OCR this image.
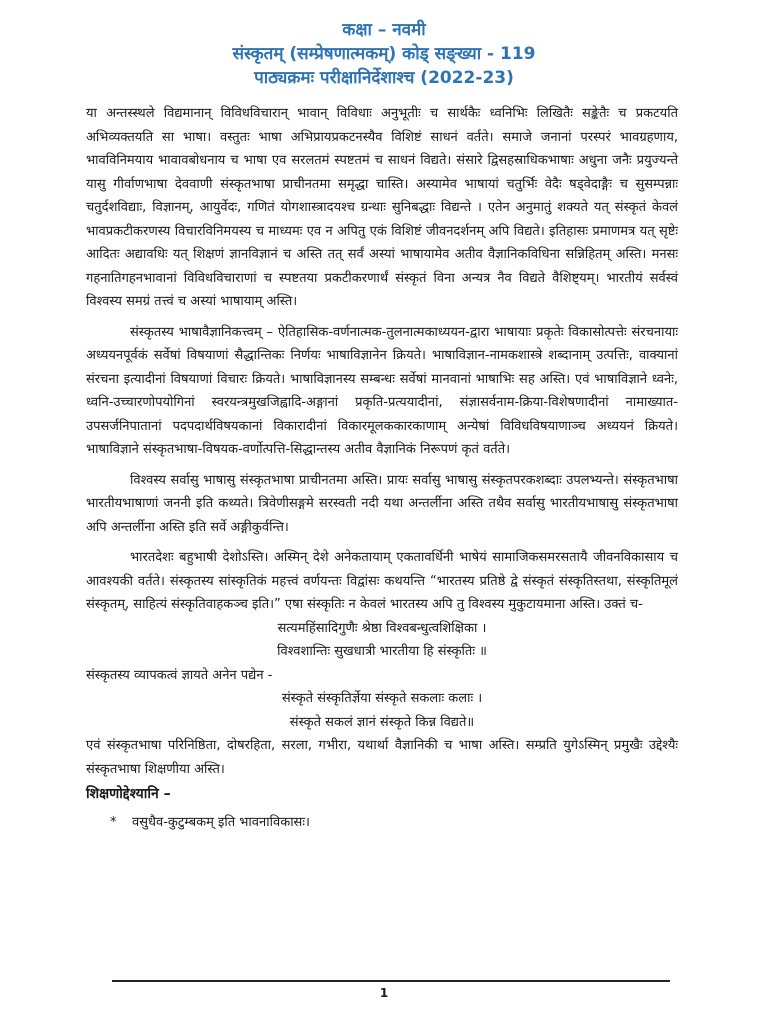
कक्षा – नवमी

संस्कृतम् (सम्प्रेषणात्मकम्) कोड् सङ्ख्या - 119

पाठ्यक्रमः परीक्षानिर्देशाश्च (2022-23)

या अन्तस्स्थले विद्यमानान् विविधविचारान् भावान् विविधाः अनुभूतीः च सार्थकैः ध्वनिभिः लिखितैः सङ्केतैः च प्रकटयति अभिव्यक्तयति सा भाषा। वस्तुतः भाषा अभिप्रायप्रकटनस्यैव विशिष्टं साधनं वर्तते। समाजे जनानां परस्परं भावग्रहणाय, भावविनिमयाय भावावबोधनाय च भाषा एव सरलतमं स्पष्टतमं च साधनं विद्यते। संसारे द्विसहस्राधिकभाषाः अधुना जनैः प्रयुज्यन्ते यासु गीर्वाणभाषा देववाणी संस्कृतभाषा प्राचीनतमा समृद्धा चास्ति। अस्यामेव भाषायां चतुर्भिः वेदैः षड्वेदाङ्गैः च सुसम्पन्नाः चतुर्दशविद्याः, विज्ञानम्, आयुर्वेदः, गणितं योगशास्त्रादयश्च ग्रन्थाः सुनिबद्धाः विद्यन्ते । एतेन अनुमातुं शक्यते यत् संस्कृतं केवलं भावप्रकटीकरणस्य विचारविनिमयस्य च माध्यमः एव न अपितु एकं विशिष्टं जीवनदर्शनम् अपि विद्यते। इतिहासः प्रमाणमत्र यत् सृष्टेः आदितः अद्यावधिः यत् शिक्षणं ज्ञानविज्ञानं च अस्ति तत् सर्वं अस्यां भाषायामेव अतीव वैज्ञानिकविधिना सन्निहितम् अस्ति। मनसः गहनातिगहनभावानां विविधविचाराणां च स्पष्टतया प्रकटीकरणार्थं संस्कृतं विना अन्यत्र नैव विद्यते वैशिष्ट्यम्। भारतीयं सर्वस्वं विश्वस्य समग्रं तत्त्वं च अस्यां भाषायाम् अस्ति।

संस्कृतस्य भाषावैज्ञानिकत्त्वम् – ऐतिहासिक-वर्णनात्मक-तुलनात्मकाध्ययन-द्वारा भाषायाः प्रकृतेः विकासोत्पत्तेः संरचनायाः अध्ययनपूर्वकं सर्वेषां विषयाणां सैद्धान्तिकः निर्णयः भाषाविज्ञानेन क्रियते। भाषाविज्ञान-नामकशास्त्रे शब्दानाम् उत्पत्तिः, वाक्यानां संरचना इत्यादीनां विषयाणां विचारः क्रियते। भाषाविज्ञानस्य सम्बन्धः सर्वेषां मानवानां भाषाभिः सह अस्ति। एवं भाषाविज्ञाने ध्वनेः, ध्वनि-उच्चारणोपयोगिनां स्वरयन्त्रमुखजिह्वादि-अङ्गानां प्रकृति-प्रत्ययादीनां, संज्ञासर्वनाम-क्रिया-विशेषणादीनां नामाख्यात-उपसर्जनिपातानां पदपदार्थविषयकानां विकारादीनां विकारमूलककारकाणाम् अन्येषां विविधविषयाणाञ्च अध्ययनं क्रियते। भाषाविज्ञाने संस्कृतभाषा-विषयक-वर्णोत्पत्ति-सिद्धान्तस्य अतीव वैज्ञानिकं निरूपणं कृतं वर्तते।

विश्वस्य सर्वासु भाषासु संस्कृतभाषा प्राचीनतमा अस्ति। प्रायः सर्वासु भाषासु संस्कृतपरकशब्दाः उपलभ्यन्ते। संस्कृतभाषा भारतीयभाषाणां जननी इति कथ्यते। त्रिवेणीसङ्गमे सरस्वती नदी यथा अन्तर्लीना अस्ति तथैव सर्वासु भारतीयभाषासु संस्कृतभाषा अपि अन्तर्लीना अस्ति इति सर्वे अङ्गीकुर्वन्ति।

भारतदेशः बहुभाषी देशोऽस्ति। अस्मिन् देशे अनेकतायाम् एकतावर्धिनी भाषेयं सामाजिकसमरसतायै जीवनविकासाय च आवश्यकी वर्तते। संस्कृतस्य सांस्कृतिकं महत्त्वं वर्णयन्तः विद्वांसः कथयन्ति “भारतस्य प्रतिष्ठे द्वे संस्कृतं संस्कृतिस्तथा, संस्कृतिमूलं संस्कृतम्, साहित्यं संस्कृतिवाहकञ्च इति।” एषा संस्कृतिः न केवलं भारतस्य अपि तु विश्वस्य मुकुटायमाना अस्ति। उक्तं च-

सत्यमहिंसादिगुणैः श्रेष्ठा विश्वबन्धुत्वशिक्षिका ।

विश्वशान्तिः सुखधात्री भारतीया हि संस्कृतिः ॥

संस्कृतस्य व्यापकत्वं ज्ञायते अनेन पद्येन -

संस्कृते संस्कृतिर्ज्ञेया संस्कृते सकलाः कलाः ।

संस्कृते सकलं ज्ञानं संस्कृते किन्न विद्यते॥

एवं संस्कृतभाषा परिनिष्ठिता, दोषरहिता, सरला, गभीरा, यथार्था वैज्ञानिकी च भाषा अस्ति। सम्प्रति युगेऽस्मिन् प्रमुखैः उद्देश्यैः संस्कृतभाषा शिक्षणीया अस्ति।

शिक्षणोद्देश्यानि –

* वसुधैव-कुटुम्बकम् इति भावनाविकासः।

1
